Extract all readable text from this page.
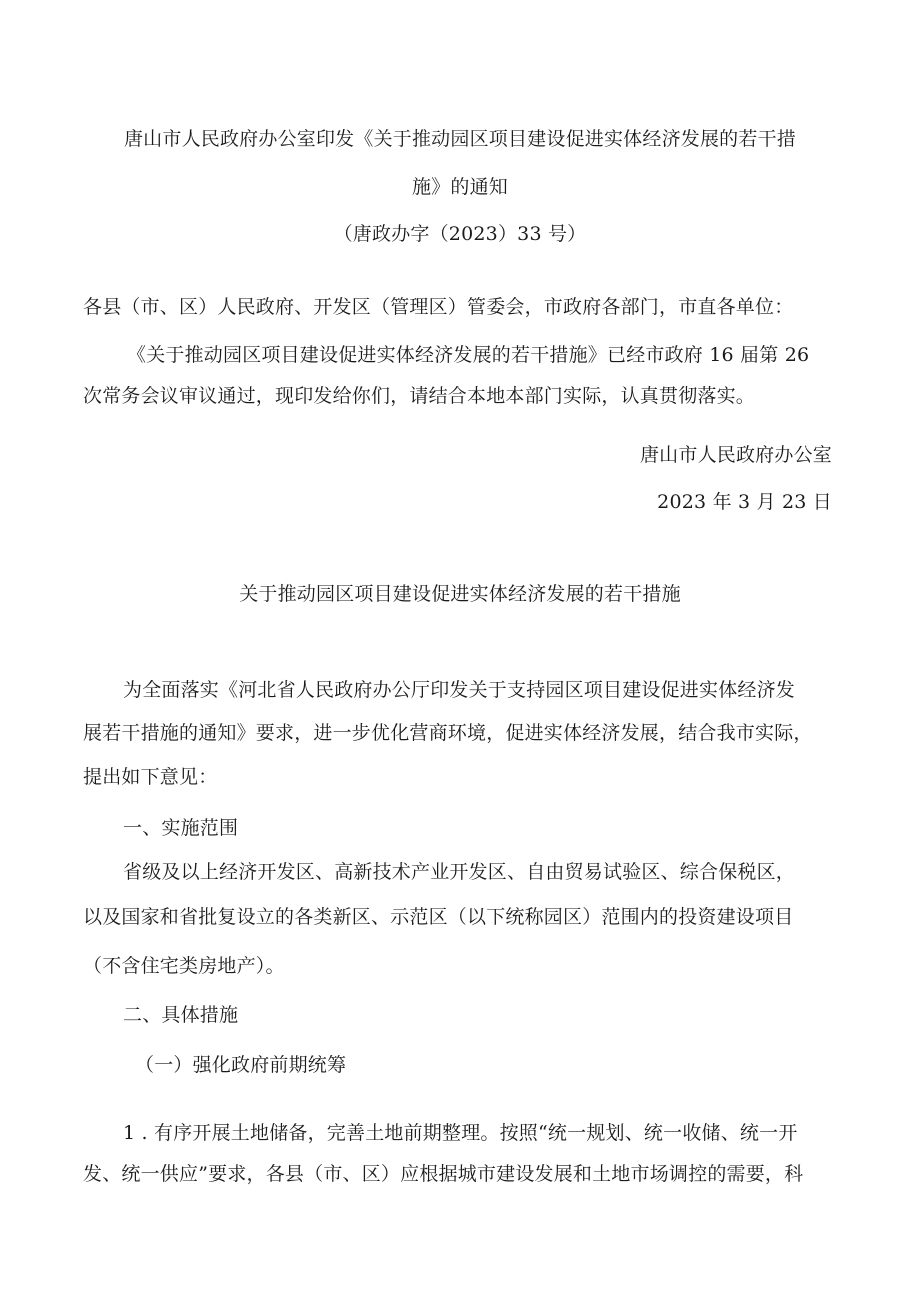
唐山市人民政府办公室印发《关于推动园区项目建设促进实体经济发展的若干措
施》的通知
（唐政办字（2023）33 号）
各县（市、区）人民政府、开发区（管理区）管委会，市政府各部门，市直各单位：
《关于推动园区项目建设促进实体经济发展的若干措施》已经市政府 16 届第 26
次常务会议审议通过，现印发给你们，请结合本地本部门实际，认真贯彻落实。
唐山市人民政府办公室
2023 年 3 月 23 日
关于推动园区项目建设促进实体经济发展的若干措施
为全面落实《河北省人民政府办公厅印发关于支持园区项目建设促进实体经济发
展若干措施的通知》要求，进一步优化营商环境，促进实体经济发展，结合我市实际，
提出如下意见：
一、实施范围
省级及以上经济开发区、高新技术产业开发区、自由贸易试验区、综合保税区，
以及国家和省批复设立的各类新区、示范区（以下统称园区）范围内的投资建设项目
（不含住宅类房地产）。
二、具体措施
（一）强化政府前期统筹
1 . 有序开展土地储备，完善土地前期整理。按照“统一规划、统一收储、统一开
发、统一供应”要求，各县（市、区）应根据城市建设发展和土地市场调控的需要，科
